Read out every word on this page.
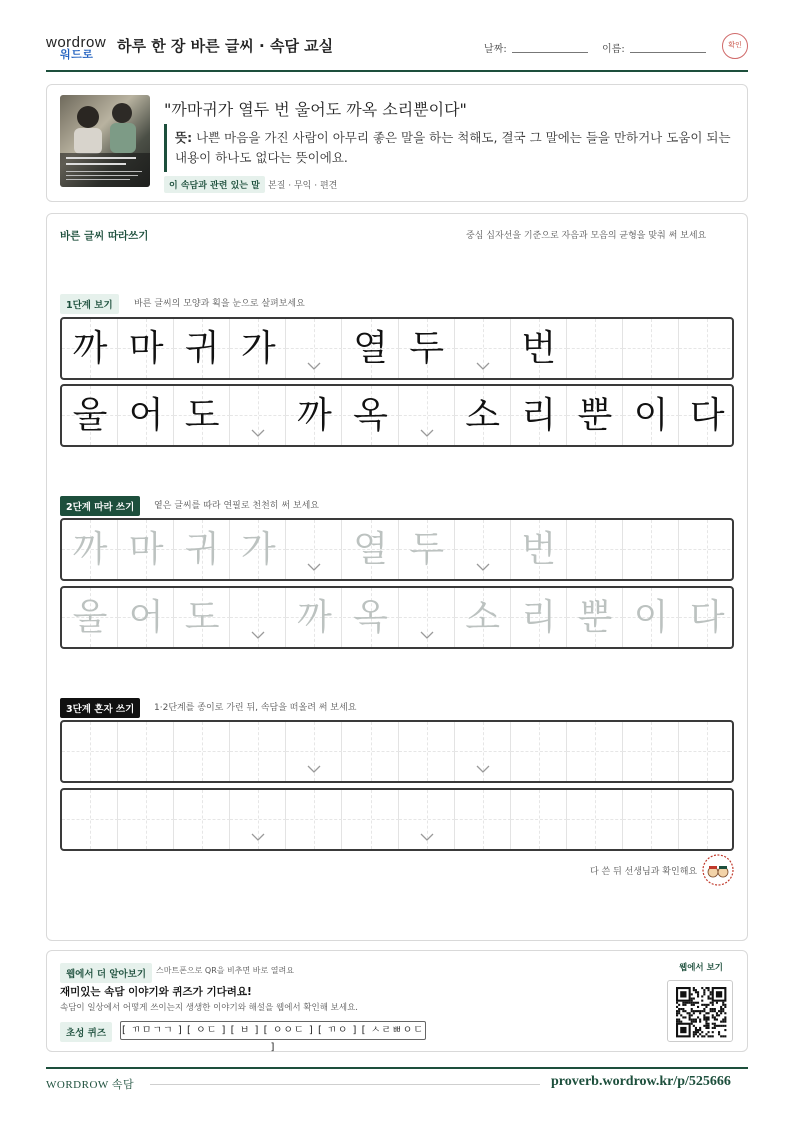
wordrow
워드로 하루 한 장 바른 글씨 · 속담 교실	날짜:	이름:	확인
"까마귀가 열두 번 울어도 까옥 소리뿐이다"
뜻: 나쁜 마음을 가진 사람이 아무리 좋은 말을 하는 척해도, 결국 그 말에는 들을 만하거나 도움이 되는 내용이 하나도 없다는 뜻이에요.
이 속담과 관련 있는 말 본질 · 무익 · 편견
바른 글씨 따라쓰기	중심 십자선을 기준으로 자음과 모음의 균형을 맞춰 써 보세요
1단계 보기	바른 글씨의 모양과 획을 눈으로 살펴보세요
까 마 귀 가 열 두 번
울 어 도 까 옥 소 리 뿐 이 다
2단계 따라 쓰기	옅은 글씨를 따라 연필로 천천히 써 보세요
까 마 귀 가 열 두 번
울 어 도 까 옥 소 리 뿐 이 다
3단계 혼자 쓰기	1·2단계를 종이로 가린 뒤, 속담을 떠올려 써 보세요
다 쓴 뒤 선생님과 확인해요
웹에서 더 알아보기	스마트폰으로 QR을 비추면 바로 열려요
재미있는 속담 이야기와 퀴즈가 기다려요!
속담이 일상에서 어떻게 쓰이는지 생생한 이야기와 해설을 웹에서 확인해 보세요.
초성 퀴즈	[ ㄲㅁㄱㄱ ] [ ㅇㄷ ] [ ㅂ ] [ ㅇㅇㄷ ] [ ㄲㅇ ] [ ㅅㄹㅃㅇㄷ ]
웹에서 보기
WORDROW 속담	proverb.wordrow.kr/p/525666
